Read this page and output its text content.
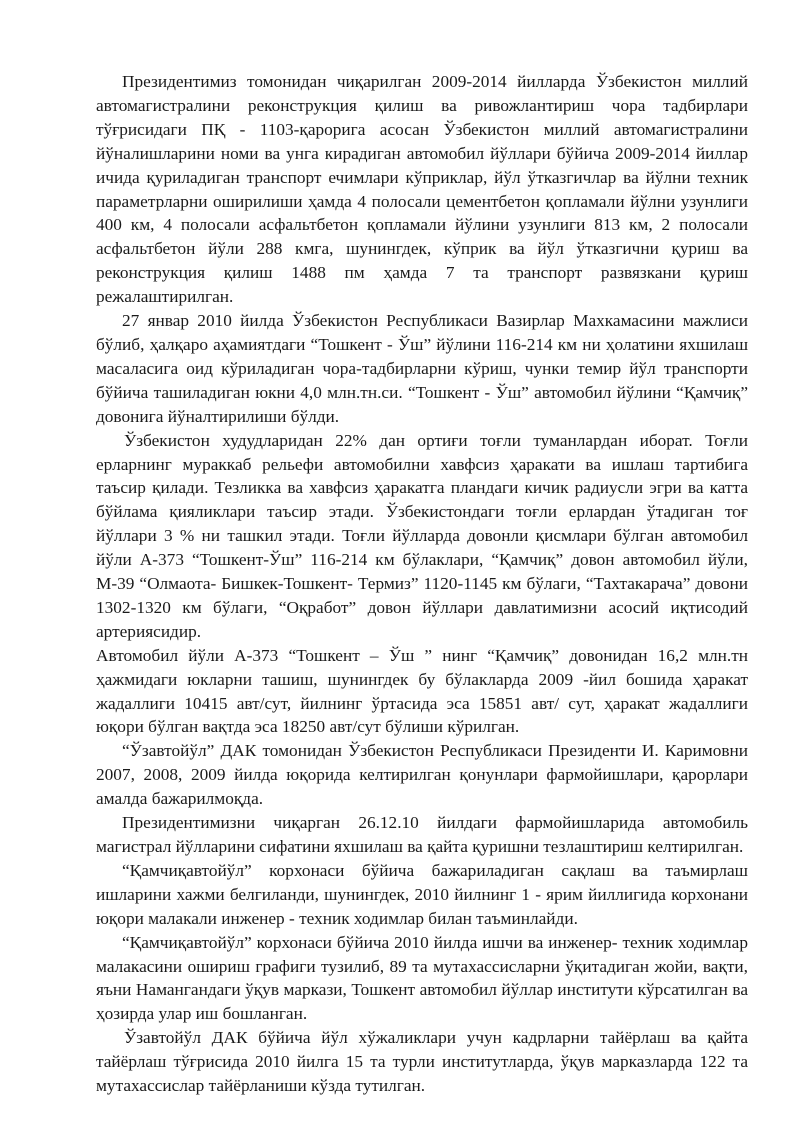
Президентимиз томонидан чиқарилган 2009-2014 йилларда Ўзбекистон миллий автомагистралини реконструкция қилиш ва ривожлантириш чора тадбирлари тўғрисидаги ПҚ - 1103-қарорига асосан Ўзбекистон миллий автомагистралини йўналишларини номи ва унга кирадиган автомобил йўллари бўйича 2009-2014 йиллар ичида қуриладиган транспорт ечимлари кўприклар, йўл ўтказгичлар ва йўлни техник параметрларни оширилиши ҳамда 4 полосали цементбетон қопламали йўлни узунлиги 400 км, 4 полосали асфальтбетон қопламали йўлини узунлиги 813 км, 2 полосали асфальтбетон йўли 288 кмга, шунингдек, кўприк ва йўл ўтказгични қуриш ва реконструкция қилиш 1488 пм ҳамда 7 та транспорт развязкани қуриш режалаштирилган.

27 январ 2010 йилда Ўзбекистон Республикаси Вазирлар Махкамасини мажлиси бўлиб, ҳалқаро аҳамиятдаги “Тошкент - Ўш” йўлини 116-214 км ни ҳолатини яхшилаш масаласига оид кўриладиган чора-тадбирларни кўриш, чунки темир йўл транспорти бўйича ташиладиган юкни 4,0 млн.тн.си. “Тошкент - Ўш” автомобил йўлини “Қамчиқ” довонига йўналтирилиши бўлди.

Ўзбекистон худудларидан 22% дан ортиғи тоғли туманлардан иборат. Тоғли ерларнинг мураккаб рельефи автомобилни хавфсиз ҳаракати ва ишлаш тартибига таъсир қилади. Тезликка ва хавфсиз ҳаракатга пландаги кичик радиусли эгри ва катта бўйлама қияликлари таъсир этади. Ўзбекистондаги тоғли ерлардан ўтадиган тоғ йўллари 3 % ни ташкил этади. Тоғли йўлларда довонли қисмлари бўлган автомобил йўли А-373 “Тошкент-Ўш” 116-214 км бўлаклари, “Қамчиқ” довон автомобил йўли, М-39 “Олмаота- Бишкек-Тошкент- Термиз” 1120-1145 км бўлаги, “Тахтакарача” довони 1302-1320 км бўлаги, “Оқработ” довон йўллари давлатимизни асосий иқтисодий артериясидир.

Автомобил йўли А-373 “Тошкент – Ўш ” нинг “Қамчиқ” довонидан 16,2 млн.тн ҳажмидаги юкларни ташиш, шунингдек бу бўлакларда 2009 -йил бошида ҳаракат жадаллиги 10415 авт/сут, йилнинг ўртасида эса 15851 авт/ сут, ҳаракат жадаллиги юқори бўлган вақтда эса 18250 авт/сут бўлиши кўрилган.

“Ўзавтойўл” ДАК томонидан Ўзбекистон Республикаси Президенти И. Каримовни 2007, 2008, 2009 йилда юқорида келтирилган қонунлари фармойишлари, қарорлари амалда бажарилмоқда.

Президентимизни чиқарган 26.12.10 йилдаги фармойишларида автомобиль магистрал йўлларини сифатини яхшилаш ва қайта қуришни тезлаштириш келтирилган.

“Қамчиқавтойўл” корхонаси бўйича бажариладиган сақлаш ва таъмирлаш ишларини хажми белгиланди, шунингдек, 2010 йилнинг 1 - ярим йиллигида корхонани юқори малакали инженер - техник ходимлар билан таъминлайди.

“Қамчиқавтойўл” корхонаси бўйича 2010 йилда ишчи ва инженер- техник ходимлар малакасини ошириш графиги тузилиб, 89 та мутахассисларни ўқитадиган жойи, вақти, яъни Намангандаги ўқув маркази, Тошкент автомобил йўллар институти кўрсатилган ва ҳозирда улар иш бошланган.

Ўзавтойўл ДАК бўйича йўл хўжаликлари учун кадрларни тайёрлаш ва қайта тайёрлаш тўғрисида 2010 йилга 15 та турли институтларда, ўқув марказларда 122 та мутахассислар тайёрланиши кўзда тутилган.
